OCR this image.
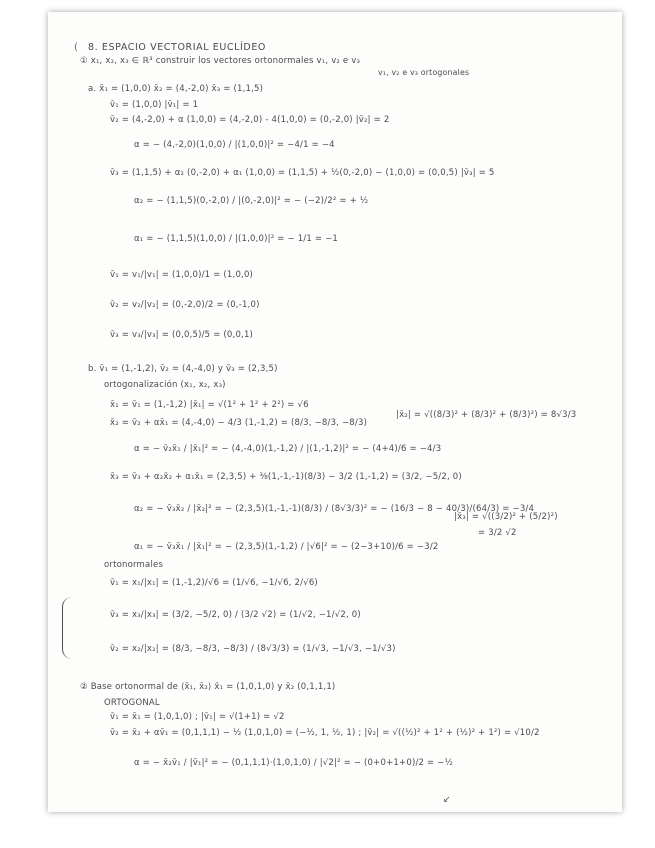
( 8. ESPACIO VECTORIAL EUCLÍDEO
① x₁, x₂, x₃ ∈ ℝ³ construir los vectores ortonormales v₁, v₂ e v₃
v₁, v₂ e v₃ ortogonales
a. x̄₁ = (1,0,0) x̄₂ = (4,-2,0) x̄₃ = (1,1,5)
v̄₁ = (1,0,0) |v̄₁| = 1
v̄₂ = (4,-2,0) + α (1,0,0) = (4,-2,0) - 4(1,0,0) = (0,-2,0) |v̄₂| = 2
α = − (4,-2,0)(1,0,0) / |(1,0,0)|² = −4/1 = −4
v̄₃ = (1,1,5) + α₂ (0,-2,0) + α₁ (1,0,0) = (1,1,5) + ½(0,-2,0) − (1,0,0) = (0,0,5) |v̄₃| = 5
α₂ = − (1,1,5)(0,-2,0) / |(0,-2,0)|² = − (−2)/2² = + ½
α₁ = − (1,1,5)(1,0,0) / |(1,0,0)|² = − 1/1 = −1
v̄₁ = v₁/|v₁| = (1,0,0)/1 = (1,0,0)
v̄₂ = v₂/|v₂| = (0,-2,0)/2 = (0,-1,0)
v̄₃ = v₃/|v₃| = (0,0,5)/5 = (0,0,1)
b. v̄₁ = (1,-1,2), v̄₂ = (4,-4,0) y v̄₃ = (2,3,5)
ortogonalización (x₁, x₂, x₃)
x̄₁ = v̄₁ = (1,-1,2) |x̄₁| = √(1² + 1² + 2²) = √6
|x̄₂| = √((8/3)² + (8/3)² + (8/3)²) = 8√3/3
x̄₂ = v̄₂ + αx̄₁ = (4,-4,0) − 4/3 (1,-1,2) = (8/3, −8/3, −8/3)
α = − v̄₂x̄₁ / |x̄₁|² = − (4,-4,0)(1,-1,2) / |(1,-1,2)|² = − (4+4)/6 = −4/3
x̄₃ = v̄₃ + α₂x̄₂ + α₁x̄₁ = (2,3,5) + ⅜(1,-1,-1)(8/3) − 3/2 (1,-1,2) = (3/2, −5/2, 0)
α₂ = − v̄₃x̄₂ / |x̄₂|² = − (2,3,5)(1,-1,-1)(8/3) / (8√3/3)² = − (16/3 − 8 − 40/3)/(64/3) = −3/4
|x̄₃| = √((3/2)² + (5/2)²)
= 3/2 √2
α₁ = − v̄₃x̄₁ / |x̄₁|² = − (2,3,5)(1,-1,2) / |√6|² = − (2−3+10)/6 = −3/2
ortonormales
v̄₁ = x₁/|x₁| = (1,-1,2)/√6 = (1/√6, −1/√6, 2/√6)
v̄₃ = x₃/|x₃| = (3/2, −5/2, 0) / (3/2 √2) = (1/√2, −1/√2, 0)
v̄₂ = x₂/|x₂| = (8/3, −8/3, −8/3) / (8√3/3) = (1/√3, −1/√3, −1/√3)
② Base ortonormal de ⟨x̄₁, x̄₂⟩ x̄₁ = (1,0,1,0) y x̄₂ (0,1,1,1)
ORTOGONAL
v̄₁ = x̄₁ = (1,0,1,0) ; |v̄₁| = √(1+1) = √2
v̄₂ = x̄₂ + αv̄₁ = (0,1,1,1) − ½ (1,0,1,0) = (−½, 1, ½, 1) ; |v̄₂| = √((½)² + 1² + (½)² + 1²) = √10/2
α = − x̄₂v̄₁ / |v̄₁|² = − (0,1,1,1)·(1,0,1,0) / |√2|² = − (0+0+1+0)/2 = −½
↙
